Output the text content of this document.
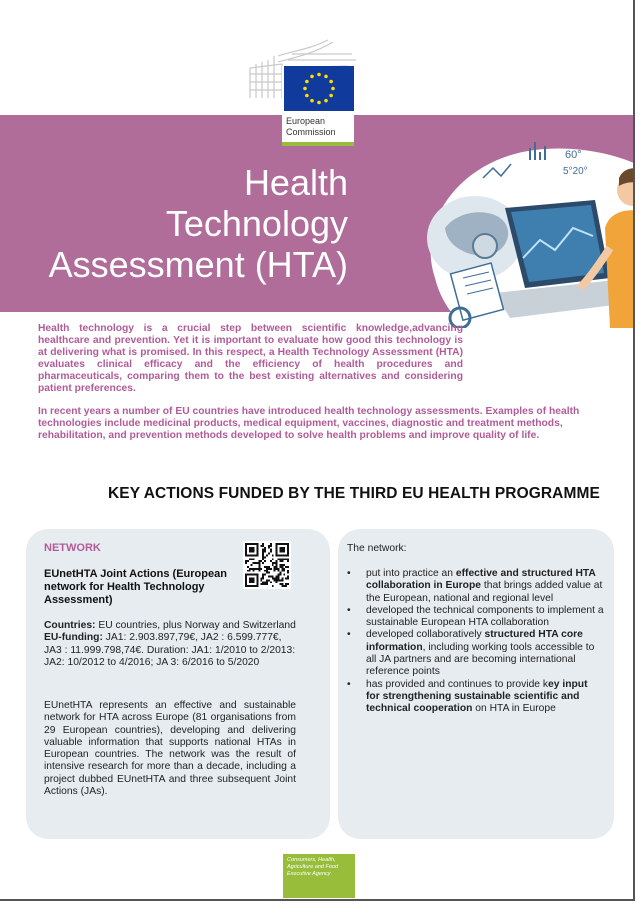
European
Commission
Health
Technology
Assessment (HTA)
60°
5°20°

Health technology is a crucial step between scientific knowledge,advancing healthcare and prevention. Yet it is important to evaluate how good this technology is at delivering what is promised. In this respect, a Health Technology Assessment (HTA) evaluates clinical efficacy and the efficiency of health procedures and pharmaceuticals, comparing them to the best existing alternatives and considering patient preferences.

In recent years a number of EU countries have introduced health technology assessments. Examples of health technologies include medicinal products, medical equipment, vaccines, diagnostic and treatment methods, rehabilitation, and prevention methods developed to solve health problems and improve quality of life.

KEY ACTIONS FUNDED BY THE THIRD EU HEALTH PROGRAMME
NETWORK
EUnetHTA Joint Actions (European network for Health Technology Assessment)
Countries: EU countries, plus Norway and Switzerland
EU-funding: JA1: 2.903.897,79€, JA2 : 6.599.777€, JA3 : 11.999.798,74€. Duration: JA1: 1/2010 to 2/2013: JA2: 10/2012 to 4/2016; JA 3: 6/2016 to 5/2020
EUnetHTA represents an effective and sustainable network for HTA across Europe (81 organisations from 29 European countries), developing and delivering valuable information that supports national HTAs in European countries. The network was the result of intensive research for more than a decade, including a project dubbed EUnetHTA and three subsequent Joint Actions (JAs).
The network:
• put into practice an effective and structured HTA collaboration in Europe that brings added value at the European, national and regional level
• developed the technical components to implement a sustainable European HTA collaboration
• developed collaboratively structured HTA core information, including working tools accessible to all JA partners and are becoming international reference points
• has provided and continues to provide key input for strengthening sustainable scientific and technical cooperation on HTA in Europe
Consumers, Health,
Agriculture and Food
Executive Agency
